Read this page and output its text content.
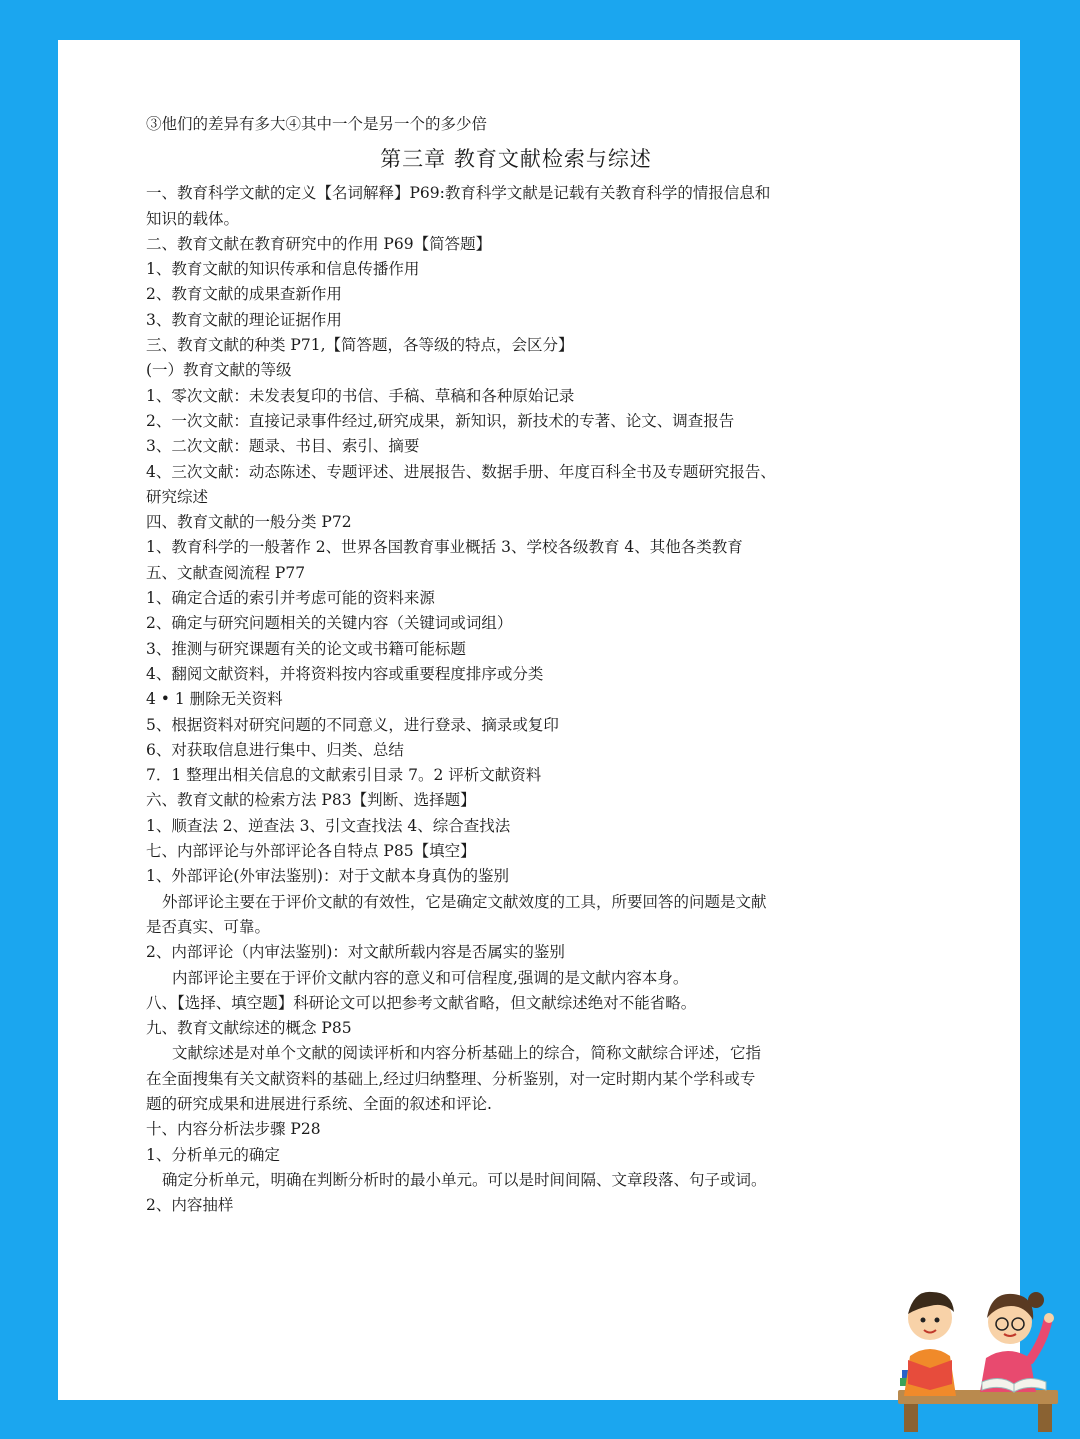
③他们的差异有多大④其中一个是另一个的多少倍
第三章 教育文献检索与综述
一、教育科学文献的定义【名词解释】P69:教育科学文献是记载有关教育科学的情报信息和
知识的载体。
二、教育文献在教育研究中的作用 P69【简答题】
1、教育文献的知识传承和信息传播作用
2、教育文献的成果查新作用
3、教育文献的理论证据作用
三、教育文献的种类 P71,【简答题，各等级的特点，会区分】
(一）教育文献的等级
1、零次文献：未发表复印的书信、手稿、草稿和各种原始记录
2、一次文献：直接记录事件经过,研究成果，新知识，新技术的专著、论文、调查报告
3、二次文献：题录、书目、索引、摘要
4、三次文献：动态陈述、专题评述、进展报告、数据手册、年度百科全书及专题研究报告、
研究综述
四、教育文献的一般分类 P72
1、教育科学的一般著作 2、世界各国教育事业概括 3、学校各级教育 4、其他各类教育
五、文献查阅流程 P77
1、确定合适的索引并考虑可能的资料来源
2、确定与研究问题相关的关键内容（关键词或词组）
3、推测与研究课题有关的论文或书籍可能标题
4、翻阅文献资料，并将资料按内容或重要程度排序或分类
4 • 1 删除无关资料
5、根据资料对研究问题的不同意义，进行登录、摘录或复印
6、对获取信息进行集中、归类、总结
7．1 整理出相关信息的文献索引目录 7。2 评析文献资料
六、教育文献的检索方法 P83【判断、选择题】
1、顺查法 2、逆查法 3、引文查找法 4、综合查找法
七、内部评论与外部评论各自特点 P85【填空】
1、外部评论(外审法鉴别)：对于文献本身真伪的鉴别
外部评论主要在于评价文献的有效性，它是确定文献效度的工具，所要回答的问题是文献
是否真实、可靠。
2、内部评论（内审法鉴别)：对文献所载内容是否属实的鉴别
内部评论主要在于评价文献内容的意义和可信程度,强调的是文献内容本身。
八、【选择、填空题】科研论文可以把参考文献省略，但文献综述绝对不能省略。
九、教育文献综述的概念 P85
文献综述是对单个文献的阅读评析和内容分析基础上的综合，简称文献综合评述，它指
在全面搜集有关文献资料的基础上,经过归纳整理、分析鉴别，对一定时期内某个学科或专
题的研究成果和进展进行系统、全面的叙述和评论.
十、内容分析法步骤 P28
1、分析单元的确定
确定分析单元，明确在判断分析时的最小单元。可以是时间间隔、文章段落、句子或词。
2、内容抽样
